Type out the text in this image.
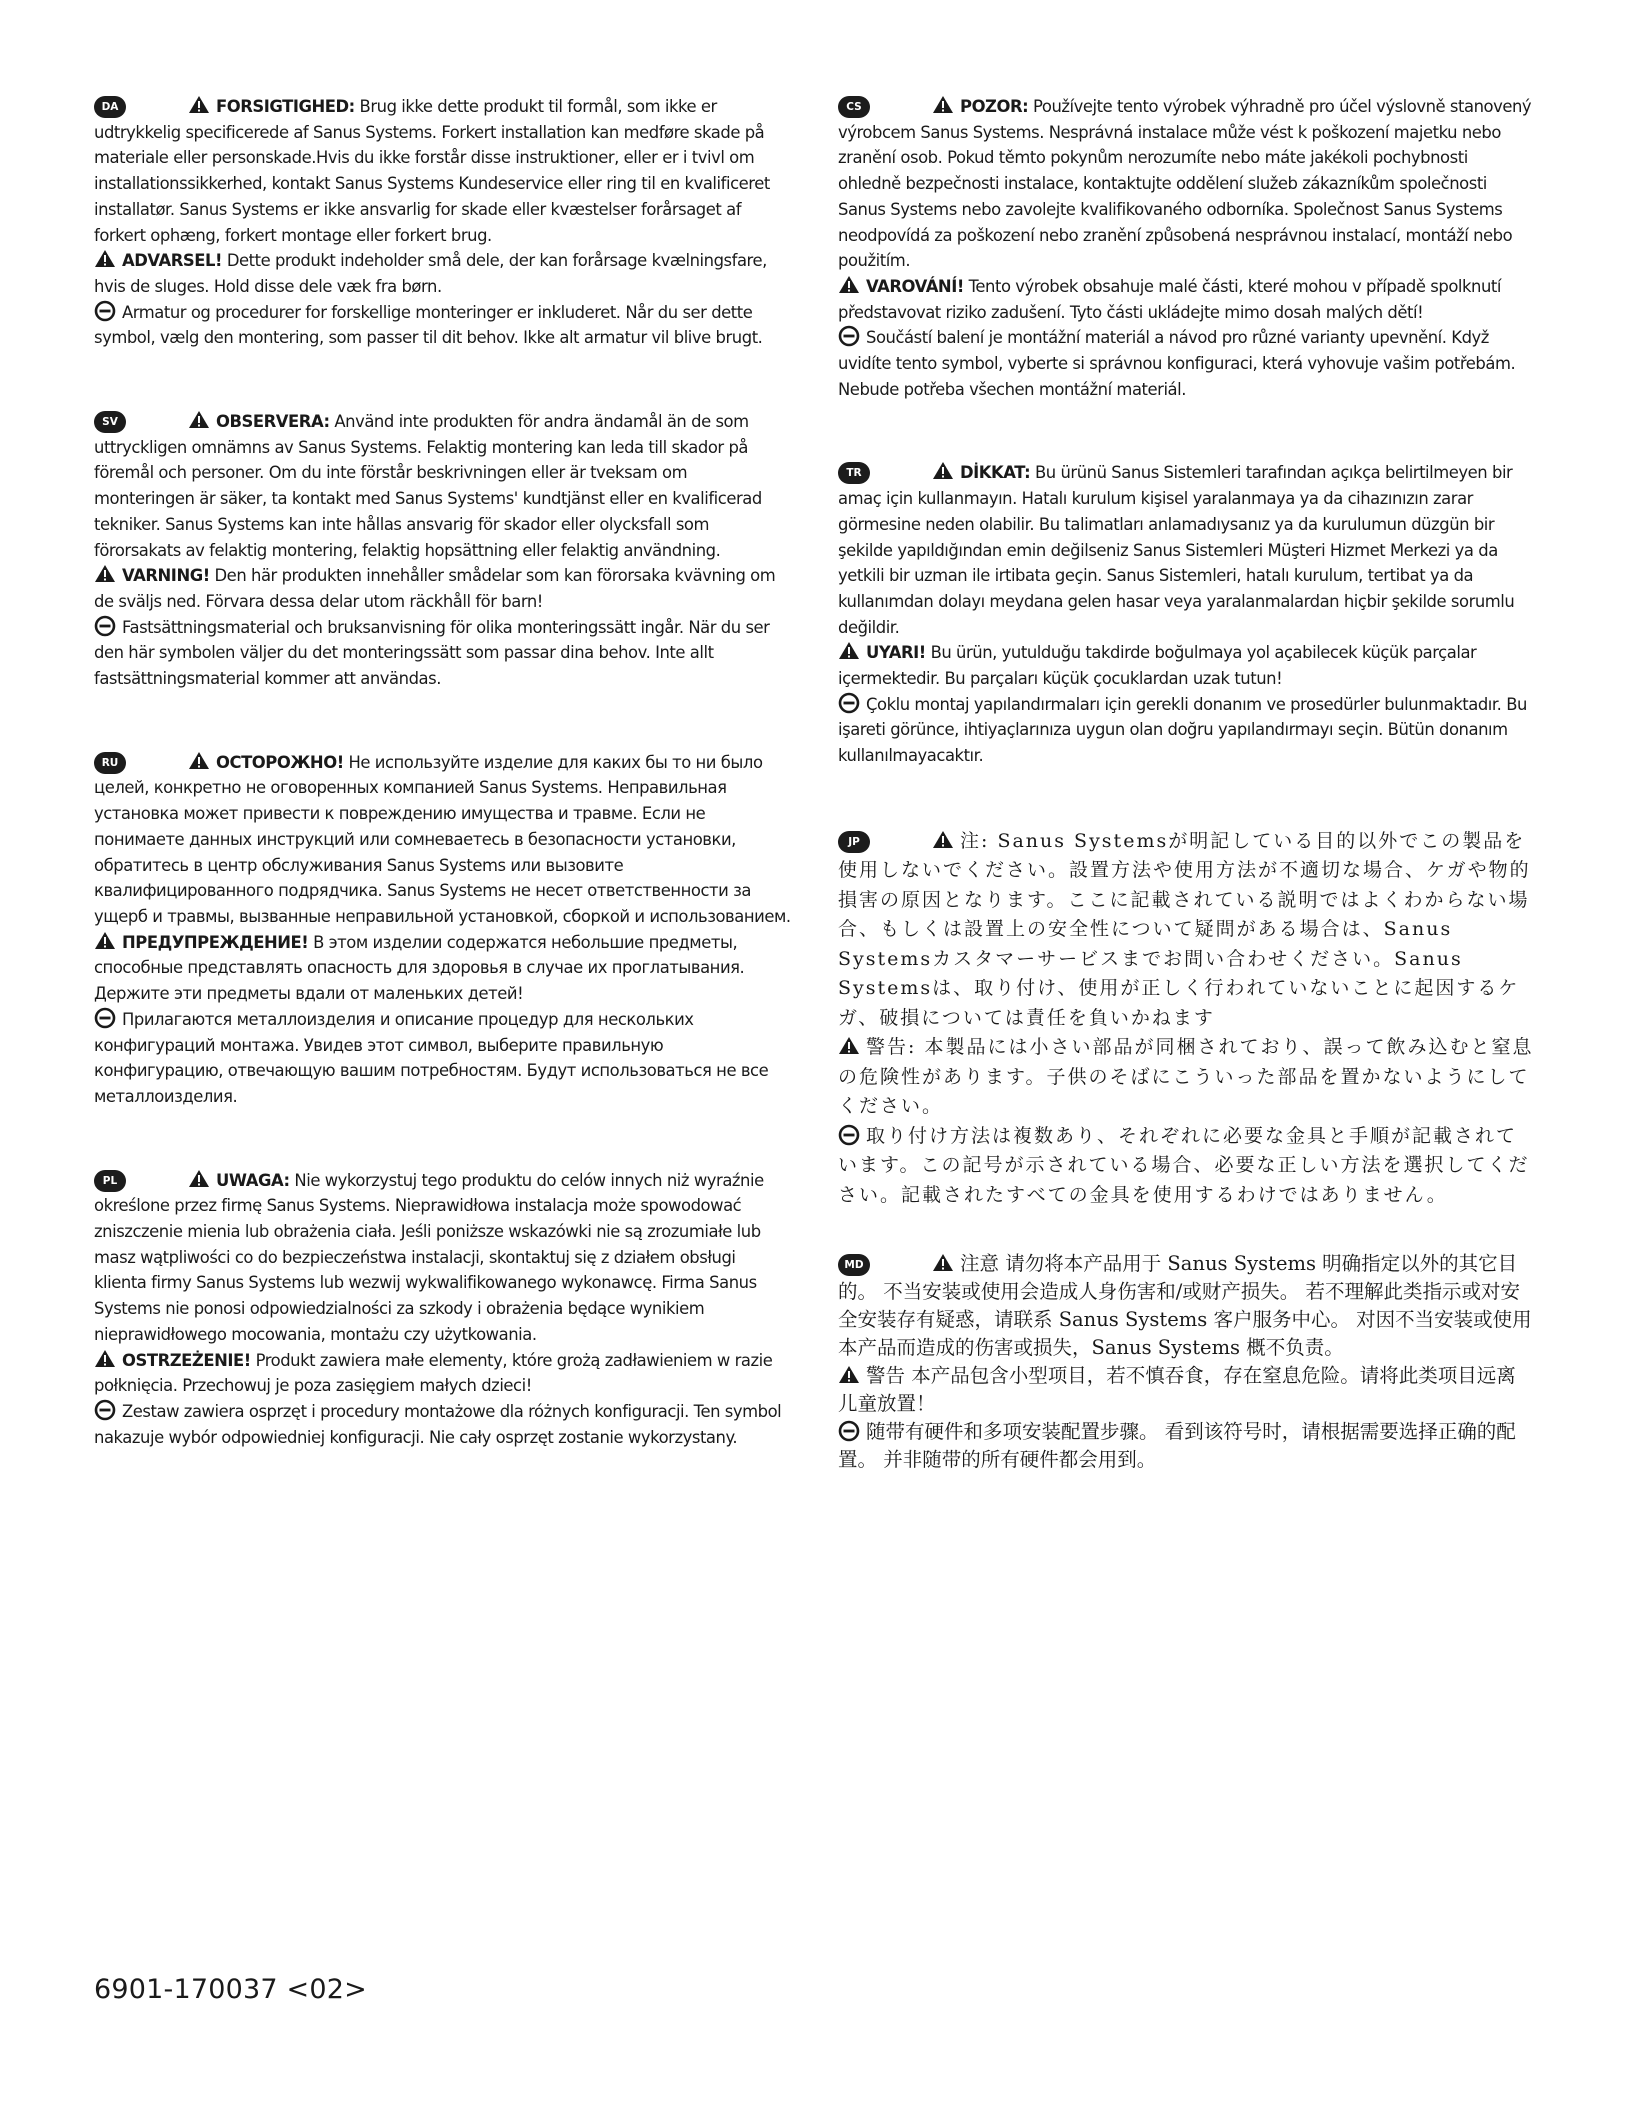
DA	FORSIGTIGHED: Brug ikke dette produkt til formål, som ikke er udtrykkelig specificerede af Sanus Systems. Forkert installation kan medføre skade på materiale eller personskade.Hvis du ikke forstår disse instruktioner, eller er i tvivl om installationssikkerhed, kontakt Sanus Systems Kundeservice eller ring til en kvalificeret installatør. Sanus Systems er ikke ansvarlig for skade eller kvæstelser forårsaget af forkert ophæng, forkert montage eller forkert brug.

ADVARSEL! Dette produkt indeholder små dele, der kan forårsage kvælningsfare, hvis de sluges. Hold disse dele væk fra børn.

Armatur og procedurer for forskellige monteringer er inkluderet. Når du ser dette symbol, vælg den montering, som passer til dit behov. Ikke alt armatur vil blive brugt.

SV	OBSERVERA: Använd inte produkten för andra ändamål än de som uttryckligen omnämns av Sanus Systems. Felaktig montering kan leda till skador på föremål och personer. Om du inte förstår beskrivningen eller är tveksam om monteringen är säker, ta kontakt med Sanus Systems' kundtjänst eller en kvalificerad tekniker. Sanus Systems kan inte hållas ansvarig för skador eller olycksfall som förorsakats av felaktig montering, felaktig hopsättning eller felaktig användning.

VARNING! Den här produkten innehåller smådelar som kan förorsaka kvävning om de sväljs ned. Förvara dessa delar utom räckhåll för barn!

Fastsättningsmaterial och bruksanvisning för olika monteringssätt ingår. När du ser den här symbolen väljer du det monteringssätt som passar dina behov. Inte allt fastsättningsmaterial kommer att användas.

RU	ОСТОРОЖНО! Не используйте изделие для каких бы то ни было целей, конкретно не оговоренных компанией Sanus Systems. Неправильная установка может привести к повреждению имущества и травме. Если не понимаете данных инструкций или сомневаетесь в безопасности установки, обратитесь в центр обслуживания Sanus Systems или вызовите квалифицированного подрядчика. Sanus Systems не несет ответственности за ущерб и травмы, вызванные неправильной установкой, сборкой и использованием.

ПРЕДУПРЕЖДЕНИЕ! В этом изделии содержатся небольшие предметы, способные представлять опасность для здоровья в случае их проглатывания. Держите эти предметы вдали от маленьких детей!

Прилагаются металлоизделия и описание процедур для нескольких конфигураций монтажа. Увидев этот символ, выберите правильную конфигурацию, отвечающую вашим потребностям. Будут использоваться не все металлоизделия.

PL	UWAGA: Nie wykorzystuj tego produktu do celów innych niż wyraźnie określone przez firmę Sanus Systems. Nieprawidłowa instalacja może spowodować zniszczenie mienia lub obrażenia ciała. Jeśli poniższe wskazówki nie są zrozumiałe lub masz wątpliwości co do bezpieczeństwa instalacji, skontaktuj się z działem obsługi klienta firmy Sanus Systems lub wezwij wykwalifikowanego wykonawcę. Firma Sanus Systems nie ponosi odpowiedzialności za szkody i obrażenia będące wynikiem nieprawidłowego mocowania, montażu czy użytkowania.

OSTRZEŻENIE! Produkt zawiera małe elementy, które grożą zadławieniem w razie połknięcia. Przechowuj je poza zasięgiem małych dzieci!

Zestaw zawiera osprzęt i procedury montażowe dla różnych konfiguracji. Ten symbol nakazuje wybór odpowiedniej konfiguracji. Nie cały osprzęt zostanie wykorzystany.

CS	POZOR: Používejte tento výrobek výhradně pro účel výslovně stanovený výrobcem Sanus Systems. Nesprávná instalace může vést k poškození majetku nebo zranění osob. Pokud těmto pokynům nerozumíte nebo máte jakékoli pochybnosti ohledně bezpečnosti instalace, kontaktujte oddělení služeb zákazníkům společnosti Sanus Systems nebo zavolejte kvalifikovaného odborníka. Společnost Sanus Systems neodpovídá za poškození nebo zranění způsobená nesprávnou instalací, montáží nebo použitím.

VAROVÁNÍ! Tento výrobek obsahuje malé části, které mohou v případě spolknutí představovat riziko zadušení. Tyto části ukládejte mimo dosah malých dětí!

Součástí balení je montážní materiál a návod pro různé varianty upevnění. Když uvidíte tento symbol, vyberte si správnou konfiguraci, která vyhovuje vašim potřebám. Nebude potřeba všechen montážní materiál.

TR	DİKKAT: Bu ürünü Sanus Sistemleri tarafından açıkça belirtilmeyen bir amaç için kullanmayın. Hatalı kurulum kişisel yaralanmaya ya da cihazınızın zarar görmesine neden olabilir. Bu talimatları anlamadıysanız ya da kurulumun düzgün bir şekilde yapıldığından emin değilseniz Sanus Sistemleri Müşteri Hizmet Merkezi ya da yetkili bir uzman ile irtibata geçin. Sanus Sistemleri, hatalı kurulum, tertibat ya da kullanımdan dolayı meydana gelen hasar veya yaralanmalardan hiçbir şekilde sorumlu değildir.

UYARI! Bu ürün, yutulduğu takdirde boğulmaya yol açabilecek küçük parçalar içermektedir. Bu parçaları küçük çocuklardan uzak tutun!

Çoklu montaj yapılandırmaları için gerekli donanım ve prosedürler bulunmaktadır. Bu işareti görünce, ihtiyaçlarınıza uygun olan doğru yapılandırmayı seçin. Bütün donanım kullanılmayacaktır.

JP	注: Sanus Systemsが明記している目的以外でこの製品を使用しないでください。設置方法や使用方法が不適切な場合、ケガや物的損害の原因となります。ここに記載されている説明ではよくわからない場合、もしくは設置上の安全性について疑問がある場合は、Sanus Systemsカスタマーサービスまでお問い合わせください。Sanus Systemsは、取り付け、使用が正しく行われていないことに起因するケガ、破損については責任を負いかねます

警告: 本製品には小さい部品が同梱されており、誤って飲み込むと窒息の危険性があります。子供のそばにこういった部品を置かないようにしてください。

取り付け方法は複数あり、それぞれに必要な金具と手順が記載されています。この記号が示されている場合、必要な正しい方法を選択してください。記載されたすべての金具を使用するわけではありません。

MD	注意 请勿将本产品用于 Sanus Systems 明确指定以外的其它目的。 不当安装或使用会造成人身伤害和/或财产损失。 若不理解此类指示或对安全安装存有疑惑，请联系 Sanus Systems 客户服务中心。 对因不当安装或使用本产品而造成的伤害或损失，Sanus Systems 概不负责。

警告 本产品包含小型项目，若不慎吞食，存在窒息危险。请将此类项目远离儿童放置！

随带有硬件和多项安装配置步骤。 看到该符号时，请根据需要选择正确的配置。 并非随带的所有硬件都会用到。

6901-170037 <02>
